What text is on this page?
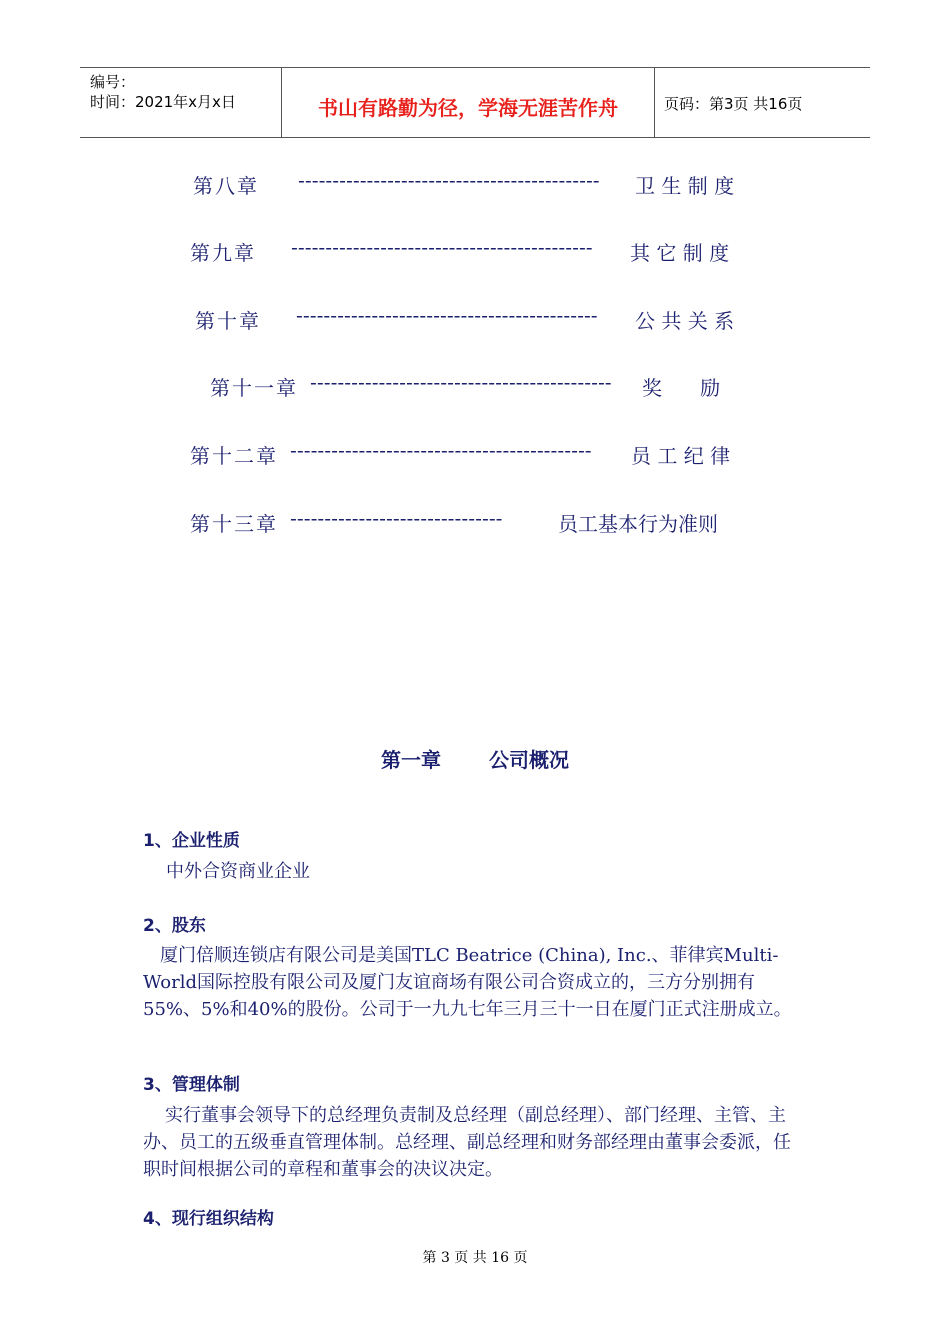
编号：
时间：2021年x月x日	书山有路勤为径，学海无涯苦作舟	页码：第3页 共16页
第八章 -------------------------------------------- 卫 生 制 度
第九章 -------------------------------------------- 其 它 制 度
第十章 -------------------------------------------- 公 共 关 系
第十一章 -------------------------------------------- 奖      励
第十二章 -------------------------------------------- 员 工 纪 律
第十三章 -------------------------------	员工基本行为准则
第一章 公司概况
1、企业性质
中外合资商业企业
2、股东
厦门倍顺连锁店有限公司是美国TLC Beatrice (China), Inc.、菲律宾Multi-World国际控股有限公司及厦门友谊商场有限公司合资成立的，三方分别拥有55%、5%和40%的股份。公司于一九九七年三月三十一日在厦门正式注册成立。
3、管理体制
实行董事会领导下的总经理负责制及总经理（副总经理）、部门经理、主管、主办、员工的五级垂直管理体制。总经理、副总经理和财务部经理由董事会委派，任职时间根据公司的章程和董事会的决议决定。
4、现行组织结构
第 3 页 共 16 页
